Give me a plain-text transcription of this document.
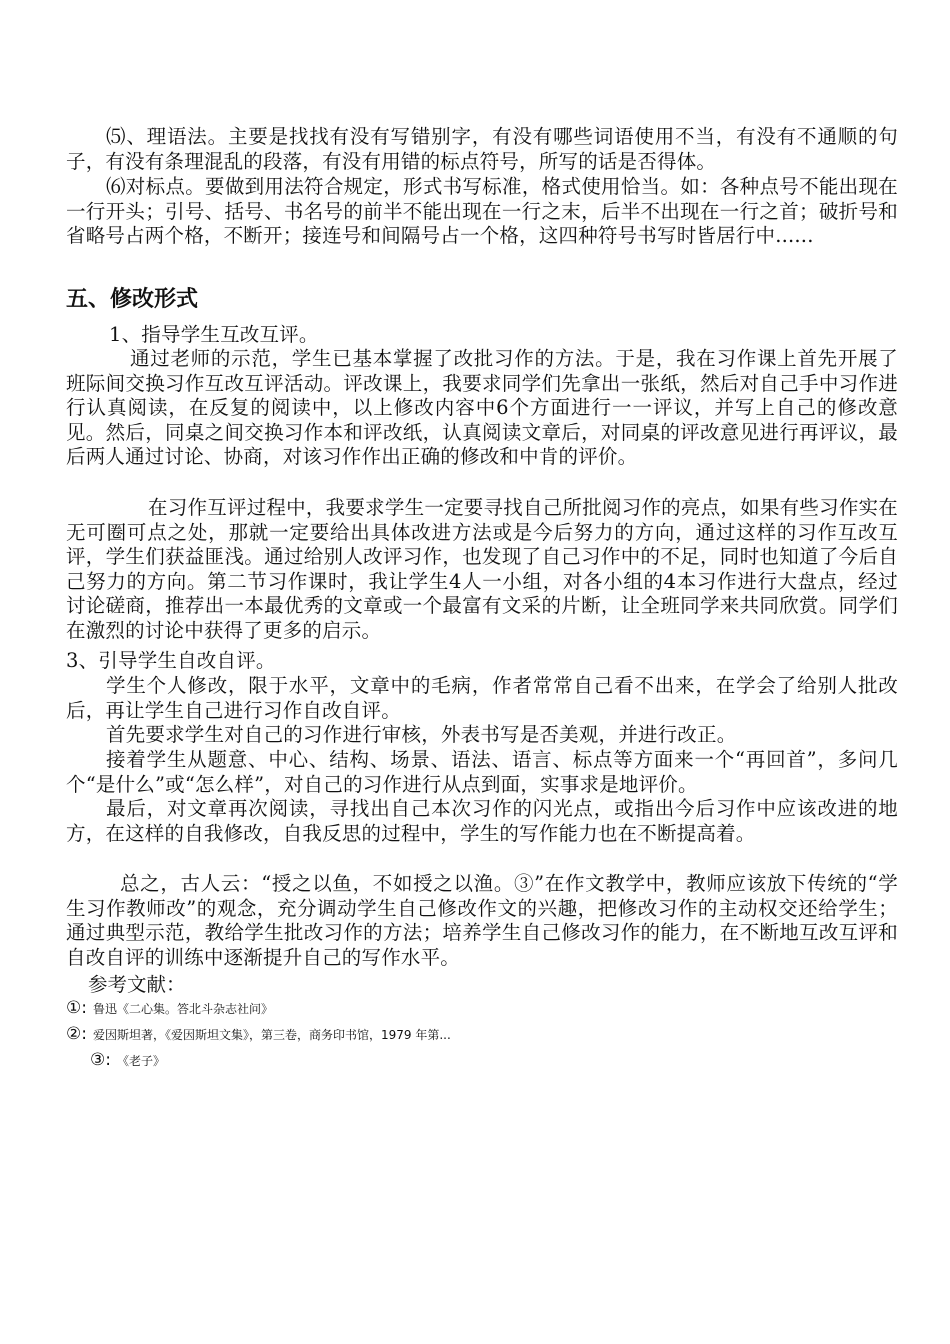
⑸、理语法。主要是找找有没有写错别字，有没有哪些词语使用不当，有没有不通顺的句子，有没有条理混乱的段落，有没有用错的标点符号，所写的话是否得体。

⑹对标点。要做到用法符合规定，形式书写标准，格式使用恰当。如：各种点号不能出现在一行开头；引号、括号、书名号的前半不能出现在一行之末，后半不出现在一行之首；破折号和省略号占两个格，不断开；接连号和间隔号占一个格，这四种符号书写时皆居行中......

五、修改形式

1、指导学生互改互评。

通过老师的示范，学生已基本掌握了改批习作的方法。于是，我在习作课上首先开展了班际间交换习作互改互评活动。评改课上，我要求同学们先拿出一张纸，然后对自己手中习作进行认真阅读，在反复的阅读中，以上修改内容中6个方面进行一一评议，并写上自己的修改意见。然后，同桌之间交换习作本和评改纸，认真阅读文章后，对同桌的评改意见进行再评议，最后两人通过讨论、协商，对该习作作出正确的修改和中肯的评价。

在习作互评过程中，我要求学生一定要寻找自己所批阅习作的亮点，如果有些习作实在无可圈可点之处，那就一定要给出具体改进方法或是今后努力的方向，通过这样的习作互改互评，学生们获益匪浅。通过给别人改评习作，也发现了自己习作中的不足，同时也知道了今后自己努力的方向。第二节习作课时，我让学生4人一小组，对各小组的4本习作进行大盘点，经过讨论磋商，推荐出一本最优秀的文章或一个最富有文采的片断，让全班同学来共同欣赏。同学们在激烈的讨论中获得了更多的启示。

3、引导学生自改自评。

学生个人修改，限于水平，文章中的毛病，作者常常自己看不出来，在学会了给别人批改后，再让学生自己进行习作自改自评。

首先要求学生对自己的习作进行审核，外表书写是否美观，并进行改正。

接着学生从题意、中心、结构、场景、语法、语言、标点等方面来一个“再回首”，多问几个“是什么”或“怎么样”，对自己的习作进行从点到面，实事求是地评价。

最后，对文章再次阅读，寻找出自己本次习作的闪光点，或指出今后习作中应该改进的地方，在这样的自我修改，自我反思的过程中，学生的写作能力也在不断提高着。

总之，古人云：“授之以鱼，不如授之以渔。③”在作文教学中，教师应该放下传统的“学生习作教师改”的观念，充分调动学生自己修改作文的兴趣，把修改习作的主动权交还给学生；通过典型示范，教给学生批改习作的方法；培养学生自己修改习作的能力，在不断地互改互评和自改自评的训练中逐渐提升自己的写作水平。

参考文献：

①: 鲁迅《二心集。答北斗杂志社问》
②: 爱因斯坦著，《爱因斯坦文集》，第三卷，商务印书馆，1979 年第...
③: 《老子》
